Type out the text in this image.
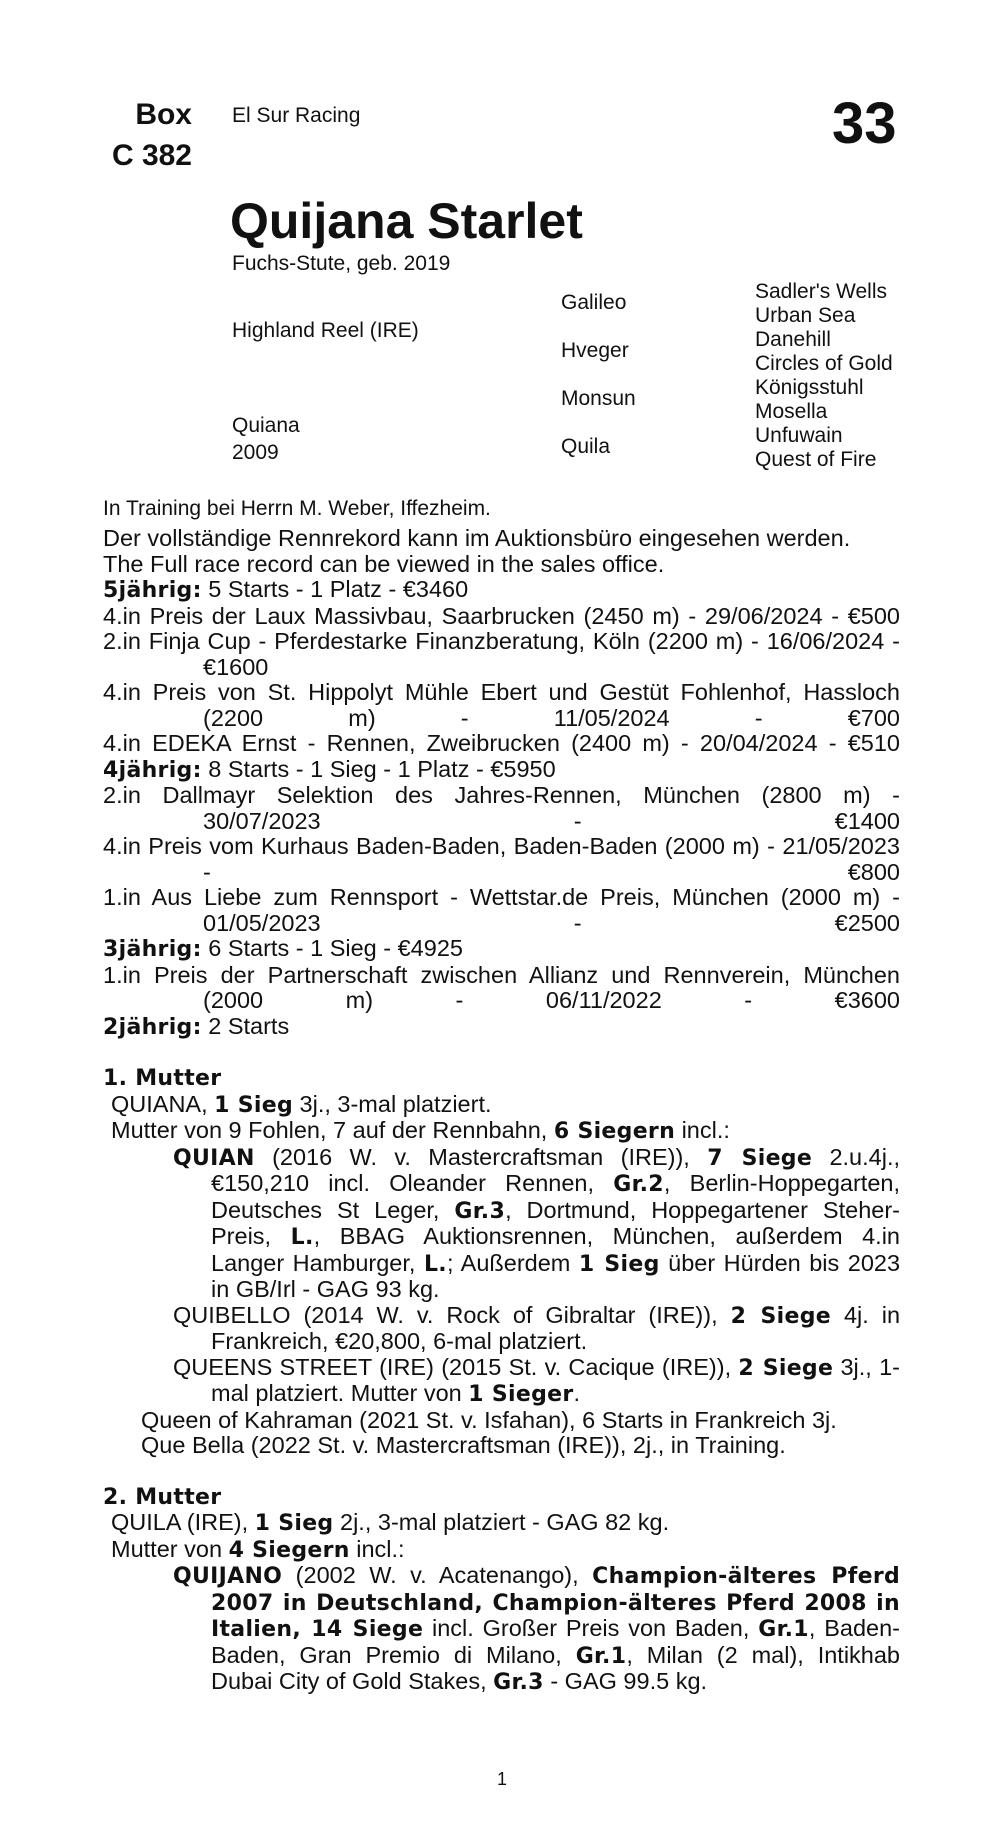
Box
C 382
El Sur Racing	33
Quijana Starlet
Fuchs-Stute, geb. 2019
Highland Reel (IRE)
Quiana
2009
Galileo
Hveger
Monsun
Quila
Sadler's Wells
Urban Sea
Danehill
Circles of Gold
Königsstuhl
Mosella
Unfuwain
Quest of Fire
In Training bei Herrn M. Weber, Iffezheim.

Der vollständige Rennrekord kann im Auktionsbüro eingesehen werden.

The Full race record can be viewed in the sales office.

5jährig: 5 Starts - 1 Platz - €3460

4.in Preis der Laux Massivbau, Saarbrucken (2450 m) - 29/06/2024 - €500

2.in Finja Cup - Pferdestarke Finanzberatung, Köln (2200 m) - 16/06/2024 - €1600

4.in Preis von St. Hippolyt Mühle Ebert und Gestüt Fohlenhof, Hassloch (2200 m) - 11/05/2024 - €700

4.in EDEKA Ernst - Rennen, Zweibrucken (2400 m) - 20/04/2024 - €510

4jährig: 8 Starts - 1 Sieg - 1 Platz - €5950

2.in Dallmayr Selektion des Jahres-Rennen, München (2800 m) - 30/07/2023 - €1400

4.in Preis vom Kurhaus Baden-Baden, Baden-Baden (2000 m) - 21/05/2023 - €800

1.in Aus Liebe zum Rennsport - Wettstar.de Preis, München (2000 m) - 01/05/2023 - €2500

3jährig: 6 Starts - 1 Sieg - €4925

1.in Preis der Partnerschaft zwischen Allianz und Rennverein, München (2000 m) - 06/11/2022 - €3600

2jährig: 2 Starts

1. Mutter

QUIANA, 1 Sieg 3j., 3-mal platziert.

Mutter von 9 Fohlen, 7 auf der Rennbahn, 6 Siegern incl.:

QUIAN (2016 W. v. Mastercraftsman (IRE)), 7 Siege 2.u.4j., €150,210 incl. Oleander Rennen, Gr.2, Berlin-Hoppegarten, Deutsches St Leger, Gr.3, Dortmund, Hoppegartener Steher-Preis, L., BBAG Auktionsrennen, München, außerdem 4.in Langer Hamburger, L.; Außerdem 1 Sieg über Hürden bis 2023 in GB/Irl - GAG 93 kg.

QUIBELLO (2014 W. v. Rock of Gibraltar (IRE)), 2 Siege 4j. in Frankreich, €20,800, 6-mal platziert.

QUEENS STREET (IRE) (2015 St. v. Cacique (IRE)), 2 Siege 3j., 1-mal platziert. Mutter von 1 Sieger.

Queen of Kahraman (2021 St. v. Isfahan), 6 Starts in Frankreich 3j.

Que Bella (2022 St. v. Mastercraftsman (IRE)), 2j., in Training.

2. Mutter

QUILA (IRE), 1 Sieg 2j., 3-mal platziert - GAG 82 kg.

Mutter von 4 Siegern incl.:

QUIJANO (2002 W. v. Acatenango), Champion-älteres Pferd 2007 in Deutschland, Champion-älteres Pferd 2008 in Italien, 14 Siege incl. Großer Preis von Baden, Gr.1, Baden-Baden, Gran Premio di Milano, Gr.1, Milan (2 mal), Intikhab Dubai City of Gold Stakes, Gr.3 - GAG 99.5 kg.

1
